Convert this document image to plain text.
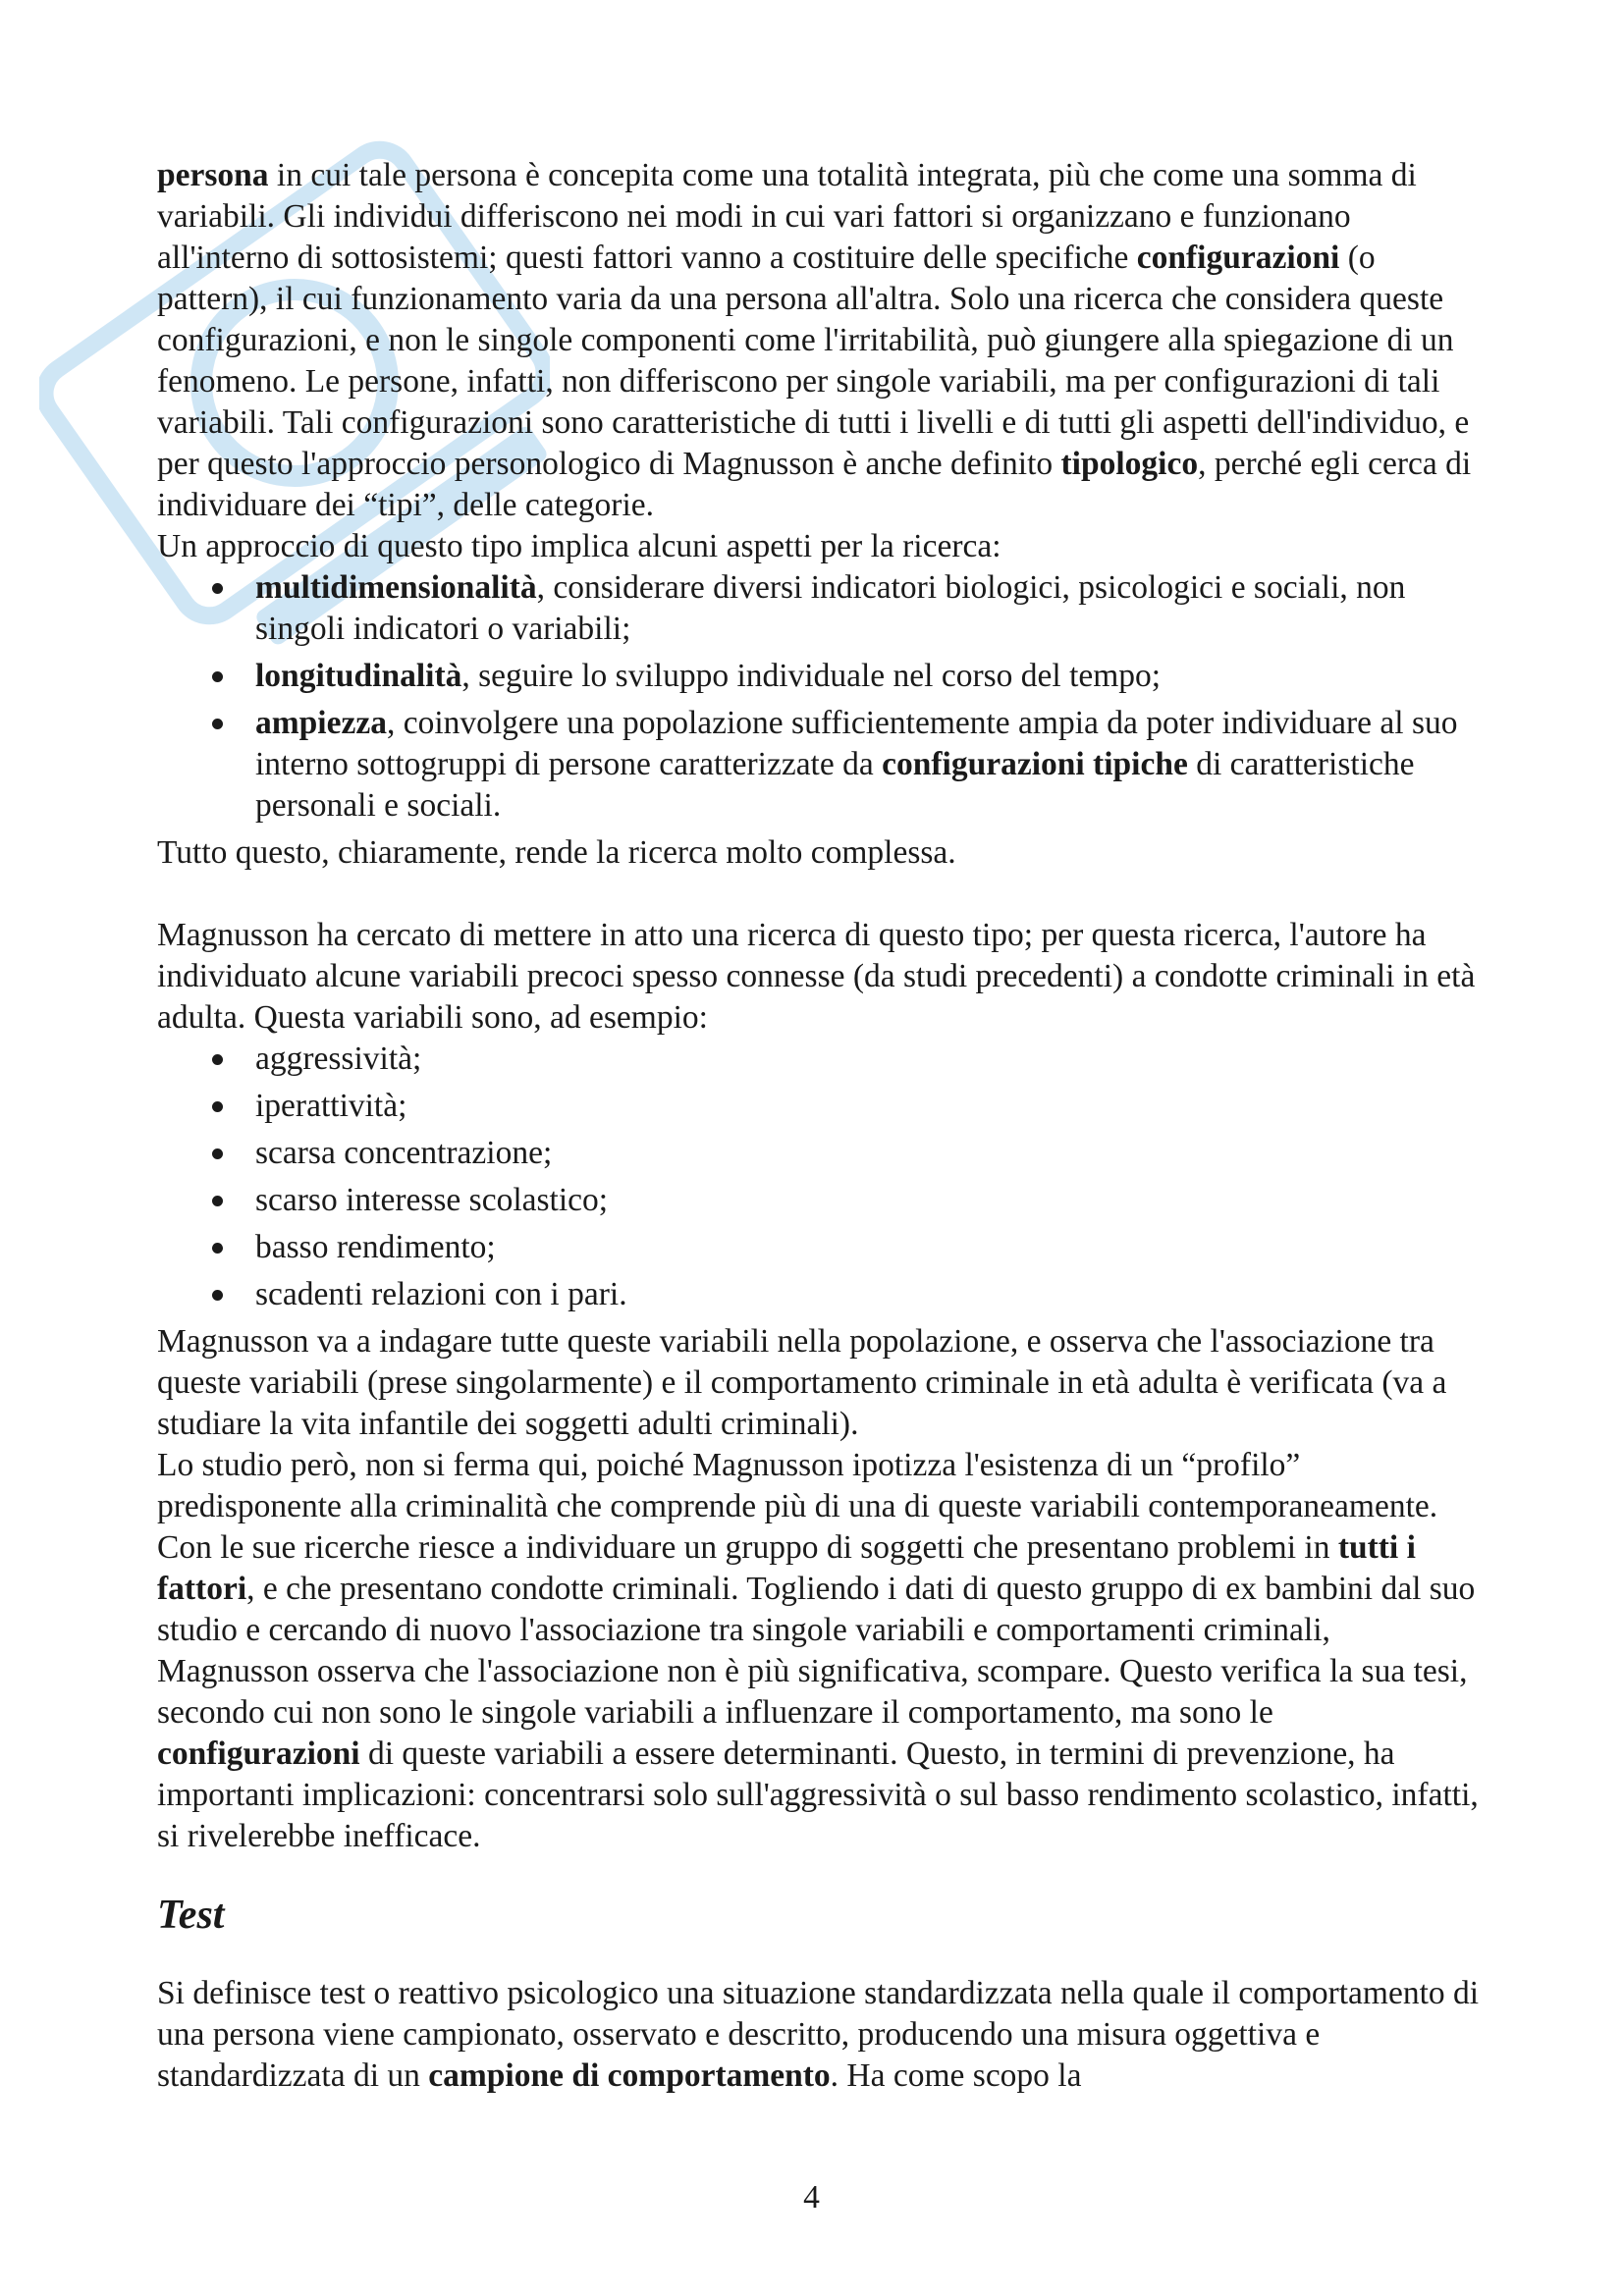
persona in cui tale persona è concepita come una totalità integrata, più che come una somma di variabili. Gli individui differiscono nei modi in cui vari fattori si organizzano e funzionano all'interno di sottosistemi; questi fattori vanno a costituire delle specifiche configurazioni (o pattern), il cui funzionamento varia da una persona all'altra. Solo una ricerca che considera queste configurazioni, e non le singole componenti come l'irritabilità, può giungere alla spiegazione di un fenomeno. Le persone, infatti, non differiscono per singole variabili, ma per configurazioni di tali variabili. Tali configurazioni sono caratteristiche di tutti i livelli e di tutti gli aspetti dell'individuo, e per questo l'approccio personologico di Magnusson è anche definito tipologico, perché egli cerca di individuare dei “tipi”, delle categorie.

Un approccio di questo tipo implica alcuni aspetti per la ricerca:

multidimensionalità, considerare diversi indicatori biologici, psicologici e sociali, non singoli indicatori o variabili;
longitudinalità, seguire lo sviluppo individuale nel corso del tempo;
ampiezza, coinvolgere una popolazione sufficientemente ampia da poter individuare al suo interno sottogruppi di persone caratterizzate da configurazioni tipiche di caratteristiche personali e sociali.

Tutto questo, chiaramente, rende la ricerca molto complessa.

Magnusson ha cercato di mettere in atto una ricerca di questo tipo; per questa ricerca, l'autore ha individuato alcune variabili precoci spesso connesse (da studi precedenti) a condotte criminali in età adulta. Questa variabili sono, ad esempio:

aggressività;
iperattività;
scarsa concentrazione;
scarso interesse scolastico;
basso rendimento;
scadenti relazioni con i pari.

Magnusson va a indagare tutte queste variabili nella popolazione, e osserva che l'associazione tra queste variabili (prese singolarmente) e il comportamento criminale in età adulta è verificata (va a studiare la vita infantile dei soggetti adulti criminali).

Lo studio però, non si ferma qui, poiché Magnusson ipotizza l'esistenza di un “profilo” predisponente alla criminalità che comprende più di una di queste variabili contemporaneamente. Con le sue ricerche riesce a individuare un gruppo di soggetti che presentano problemi in tutti i fattori, e che presentano condotte criminali. Togliendo i dati di questo gruppo di ex bambini dal suo studio e cercando di nuovo l'associazione tra singole variabili e comportamenti criminali, Magnusson osserva che l'associazione non è più significativa, scompare. Questo verifica la sua tesi, secondo cui non sono le singole variabili a influenzare il comportamento, ma sono le configurazioni di queste variabili a essere determinanti. Questo, in termini di prevenzione, ha importanti implicazioni: concentrarsi solo sull'aggressività o sul basso rendimento scolastico, infatti, si rivelerebbe inefficace.

Test

Si definisce test o reattivo psicologico una situazione standardizzata nella quale il comportamento di una persona viene campionato, osservato e descritto, producendo una misura oggettiva e standardizzata di un campione di comportamento. Ha come scopo la

4
